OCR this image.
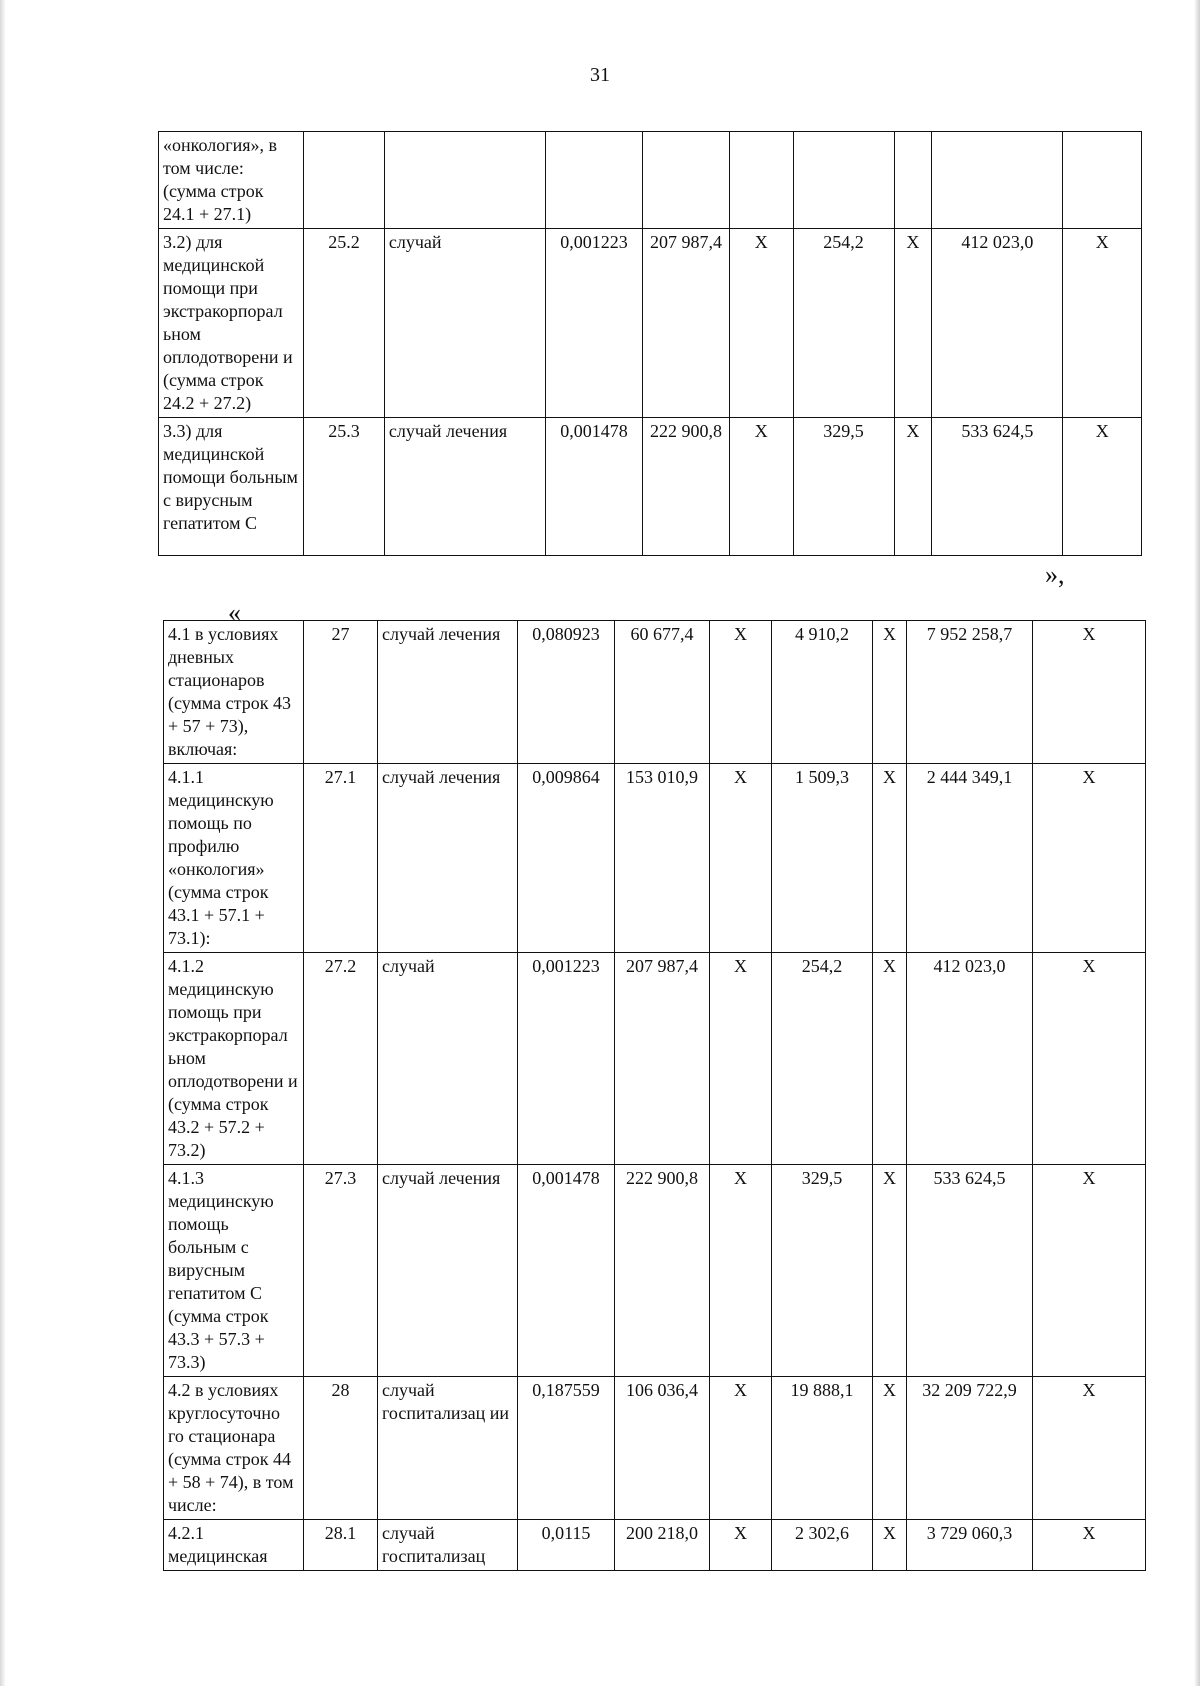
31
«онкология», в том числе: (сумма строк 24.1 + 27.1)									
3.2) для медицинской помощи при экстракорпорал ьном оплодотворени и (сумма строк 24.2 + 27.2)	25.2	случай	0,001223	207 987,4	X	254,2	X	412 023,0	X
3.3) для медицинской помощи больным с вирусным гепатитом С	25.3	случай лечения	0,001478	222 900,8	X	329,5	X	533 624,5	X
»,
«
4.1 в условиях дневных стационаров (сумма строк 43 + 57 + 73), включая:	27	случай лечения	0,080923	60 677,4	X	4 910,2	X	7 952 258,7	X
4.1.1 медицинскую помощь по профилю «онкология» (сумма строк 43.1 + 57.1 + 73.1):	27.1	случай лечения	0,009864	153 010,9	X	1 509,3	X	2 444 349,1	X
4.1.2 медицинскую помощь при экстракорпорал ьном оплодотворени и (сумма строк 43.2 + 57.2 + 73.2)	27.2	случай	0,001223	207 987,4	X	254,2	X	412 023,0	X
4.1.3 медицинскую помощь больным с вирусным гепатитом С (сумма строк 43.3 + 57.3 + 73.3)	27.3	случай лечения	0,001478	222 900,8	X	329,5	X	533 624,5	X
4.2 в условиях круглосуточно го стационара (сумма строк 44 + 58 + 74), в том числе:	28	случай госпитализац ии	0,187559	106 036,4	X	19 888,1	X	32 209 722,9	X
4.2.1 медицинская	28.1	случай госпитализац	0,0115	200 218,0	X	2 302,6	X	3 729 060,3	X
